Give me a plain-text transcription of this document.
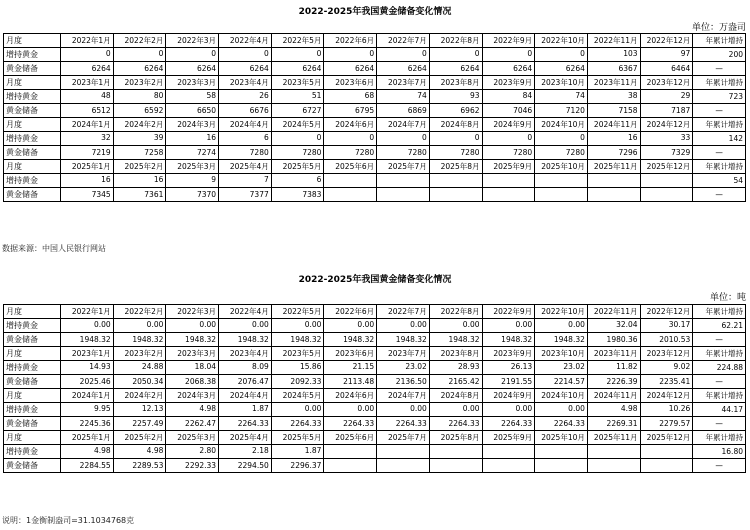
2022-2025年我国黄金储备变化情况
单位：万盎司
月度	2022年1月	2022年2月	2022年3月	2022年4月	2022年5月	2022年6月	2022年7月	2022年8月	2022年9月	2022年10月	2022年11月	2022年12月	年累计增持
增持黄金	0	0	0	0	0	0	0	0	0	0	103	97	200
黄金储备	6264	6264	6264	6264	6264	6264	6264	6264	6264	6264	6367	6464	—
月度	2023年1月	2023年2月	2023年3月	2023年4月	2023年5月	2023年6月	2023年7月	2023年8月	2023年9月	2023年10月	2023年11月	2023年12月	年累计增持
增持黄金	48	80	58	26	51	68	74	93	84	74	38	29	723
黄金储备	6512	6592	6650	6676	6727	6795	6869	6962	7046	7120	7158	7187	—
月度	2024年1月	2024年2月	2024年3月	2024年4月	2024年5月	2024年6月	2024年7月	2024年8月	2024年9月	2024年10月	2024年11月	2024年12月	年累计增持
增持黄金	32	39	16	6	0	0	0	0	0	0	16	33	142
黄金储备	7219	7258	7274	7280	7280	7280	7280	7280	7280	7280	7296	7329	—
月度	2025年1月	2025年2月	2025年3月	2025年4月	2025年5月	2025年6月	2025年7月	2025年8月	2025年9月	2025年10月	2025年11月	2025年12月	年累计增持
增持黄金	16	16	9	7	6								54
黄金储备	7345	7361	7370	7377	7383								—
数据来源：中国人民银行网站
2022-2025年我国黄金储备变化情况
单位：吨
月度	2022年1月	2022年2月	2022年3月	2022年4月	2022年5月	2022年6月	2022年7月	2022年8月	2022年9月	2022年10月	2022年11月	2022年12月	年累计增持
增持黄金	0.00	0.00	0.00	0.00	0.00	0.00	0.00	0.00	0.00	0.00	32.04	30.17	62.21
黄金储备	1948.32	1948.32	1948.32	1948.32	1948.32	1948.32	1948.32	1948.32	1948.32	1948.32	1980.36	2010.53	—
月度	2023年1月	2023年2月	2023年3月	2023年4月	2023年5月	2023年6月	2023年7月	2023年8月	2023年9月	2023年10月	2023年11月	2023年12月	年累计增持
增持黄金	14.93	24.88	18.04	8.09	15.86	21.15	23.02	28.93	26.13	23.02	11.82	9.02	224.88
黄金储备	2025.46	2050.34	2068.38	2076.47	2092.33	2113.48	2136.50	2165.42	2191.55	2214.57	2226.39	2235.41	—
月度	2024年1月	2024年2月	2024年3月	2024年4月	2024年5月	2024年6月	2024年7月	2024年8月	2024年9月	2024年10月	2024年11月	2024年12月	年累计增持
增持黄金	9.95	12.13	4.98	1.87	0.00	0.00	0.00	0.00	0.00	0.00	4.98	10.26	44.17
黄金储备	2245.36	2257.49	2262.47	2264.33	2264.33	2264.33	2264.33	2264.33	2264.33	2264.33	2269.31	2279.57	—
月度	2025年1月	2025年2月	2025年3月	2025年4月	2025年5月	2025年6月	2025年7月	2025年8月	2025年9月	2025年10月	2025年11月	2025年12月	年累计增持
增持黄金	4.98	4.98	2.80	2.18	1.87								16.80
黄金储备	2284.55	2289.53	2292.33	2294.50	2296.37								—
说明：1金衡制盎司=31.1034768克
